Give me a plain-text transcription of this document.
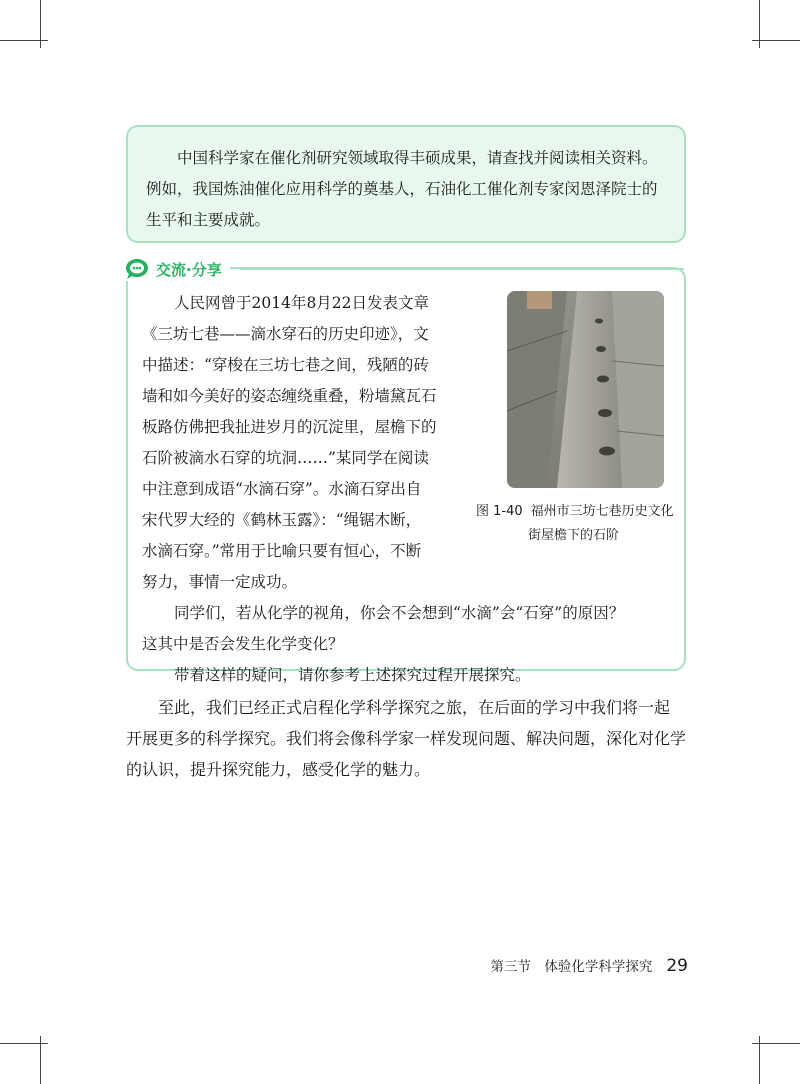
中国科学家在催化剂研究领域取得丰硕成果，请查找并阅读相关资料。

例如，我国炼油催化应用科学的奠基人，石油化工催化剂专家闵恩泽院士的

生平和主要成就。

交流·分享
人民网曾于2014年8月22日发表文章
《三坊七巷——滴水穿石的历史印迹》，文
中描述：“穿梭在三坊七巷之间，残陋的砖
墙和如今美好的姿态缠绕重叠，粉墙黛瓦石
板路仿佛把我扯进岁月的沉淀里，屋檐下的
石阶被滴水石穿的坑洞……”某同学在阅读
中注意到成语“水滴石穿”。水滴石穿出自
宋代罗大经的《鹤林玉露》：“绳锯木断，
水滴石穿。”常用于比喻只要有恒心，不断
努力，事情一定成功。
同学们，若从化学的视角，你会不会想到“水滴”会“石穿”的原因？
这其中是否会发生化学变化？
带着这样的疑问，请你参考上述探究过程开展探究。
图 1-40 福州市三坊七巷历史文化
街屋檐下的石阶
至此，我们已经正式启程化学科学探究之旅，在后面的学习中我们将一起
开展更多的科学探究。我们将会像科学家一样发现问题、解决问题，深化对化学
的认识，提升探究能力，感受化学的魅力。
第三节　体验化学科学探究 29
